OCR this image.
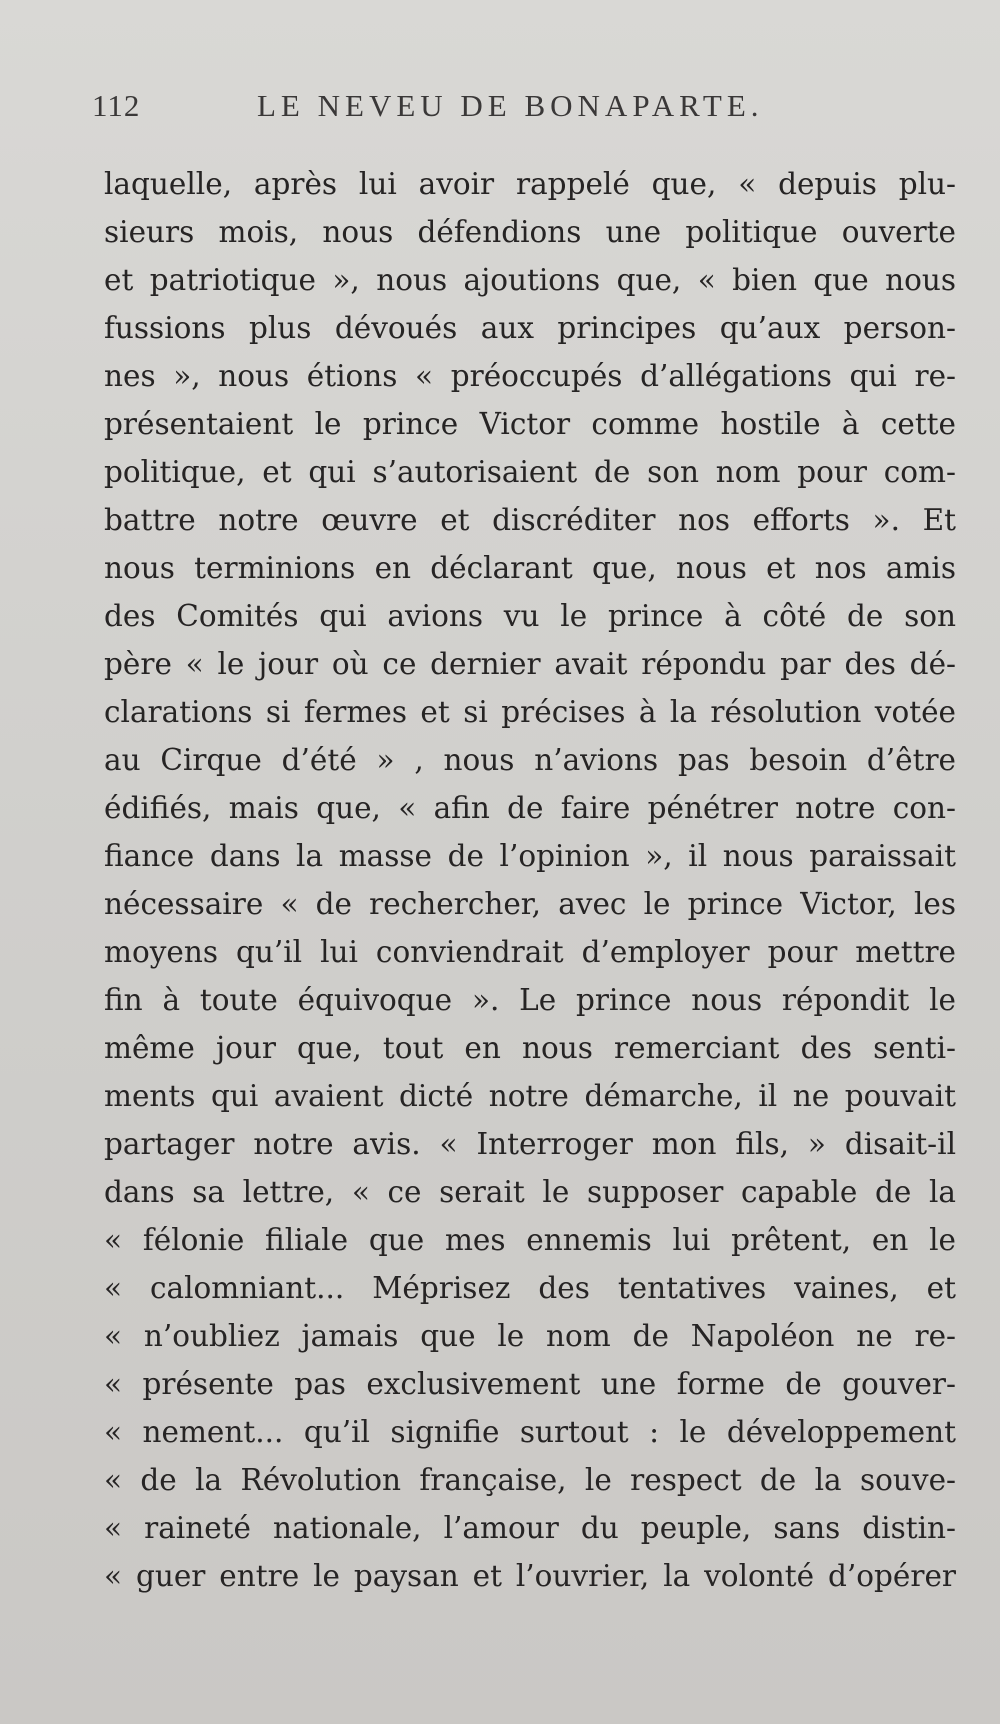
112	LE NEVEU DE BONAPARTE.
laquelle, après lui avoir rappelé que, « depuis plu-
sieurs mois, nous défendions une politique ouverte
et patriotique », nous ajoutions que, « bien que nous
fussions plus dévoués aux principes qu’aux person-
nes », nous étions « préoccupés d’allégations qui re-
présentaient le prince Victor comme hostile à cette
politique, et qui s’autorisaient de son nom pour com-
battre notre œuvre et discréditer nos efforts ». Et
nous terminions en déclarant que, nous et nos amis
des Comités qui avions vu le prince à côté de son
père « le jour où ce dernier avait répondu par des dé-
clarations si fermes et si précises à la résolution votée
au Cirque d’été » , nous n’avions pas besoin d’être
édifiés, mais que, « afin de faire pénétrer notre con-
fiance dans la masse de l’opinion », il nous paraissait
nécessaire « de rechercher, avec le prince Victor, les
moyens qu’il lui conviendrait d’employer pour mettre
fin à toute équivoque ». Le prince nous répondit le
même jour que, tout en nous remerciant des senti-
ments qui avaient dicté notre démarche, il ne pouvait
partager notre avis. « Interroger mon fils, » disait-il
dans sa lettre, « ce serait le supposer capable de la
« félonie filiale que mes ennemis lui prêtent, en le
« calomniant... Méprisez des tentatives vaines, et
« n’oubliez jamais que le nom de Napoléon ne re-
« présente pas exclusivement une forme de gouver-
« nement... qu’il signifie surtout : le développement
« de la Révolution française, le respect de la souve-
« raineté nationale, l’amour du peuple, sans distin-
« guer entre le paysan et l’ouvrier, la volonté d’opérer
